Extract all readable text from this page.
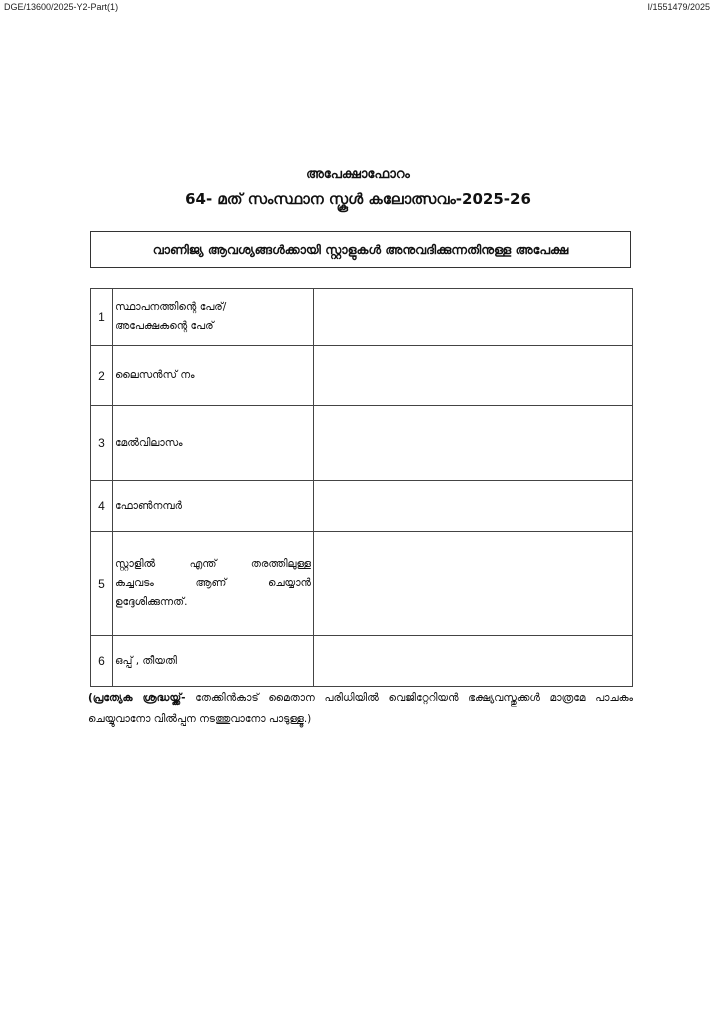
DGE/13600/2025-Y2-Part(1)	I/1551479/2025
അപേക്ഷാഫോറം
64- മത് സംസ്ഥാന സ്കൂൾ കലോത്സവം-2025-26
വാണിജ്യ ആവശ്യങ്ങൾക്കായി സ്റ്റാളുകൾ അനുവദിക്കുന്നതിനുള്ള അപേക്ഷ
1	സ്ഥാപനത്തിന്റെ പേര്/
അപേക്ഷകന്റെ പേര്	

2	ലൈസൻസ് നം	
3	മേൽവിലാസം	
4	ഫോൺനമ്പർ	
5	സ്റ്റാളിൽ എന്ത് തരത്തിലുള്ള
കച്ചവടം ആണ് ചെയ്യാൻ
ഉദ്ദേശിക്കുന്നത്.	

6	ഒപ്പ് , തീയതി	
(പ്രത്യേക ശ്രദ്ധയ്ക്ക്- തേക്കിൻകാട് മൈതാന പരിധിയിൽ വെജിറ്റേറിയൻ ഭക്ഷ്യവസ്തുക്കൾ മാത്രമേ പാചകം ചെയ്യുവാനോ വിൽപ്പന നടത്തുവാനോ പാടുള്ളൂ.)
